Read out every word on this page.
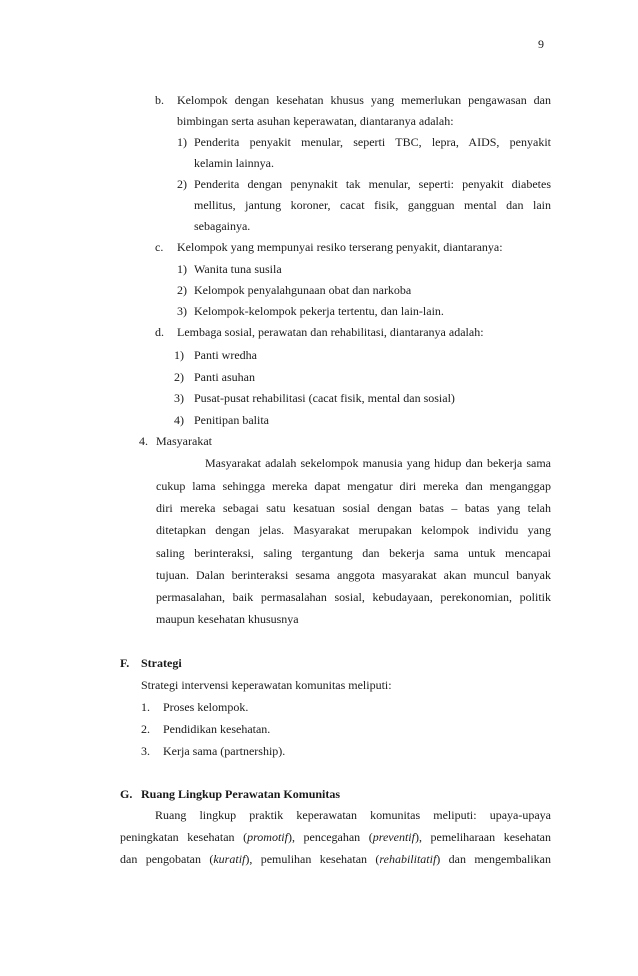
9
b. Kelompok dengan kesehatan khusus yang memerlukan pengawasan dan
bimbingan serta asuhan keperawatan, diantaranya adalah:
1) Penderita penyakit menular, seperti TBC, lepra, AIDS, penyakit
kelamin lainnya.
2) Penderita dengan penynakit tak menular, seperti: penyakit diabetes
mellitus, jantung koroner, cacat fisik, gangguan mental dan lain
sebagainya.
c. Kelompok yang mempunyai resiko terserang penyakit, diantaranya:
1) Wanita tuna susila
2) Kelompok penyalahgunaan obat dan narkoba
3) Kelompok-kelompok pekerja tertentu, dan lain-lain.
d. Lembaga sosial, perawatan dan rehabilitasi, diantaranya adalah:
1) Panti wredha
2) Panti asuhan
3) Pusat-pusat rehabilitasi (cacat fisik, mental dan sosial)
4) Penitipan balita
4. Masyarakat
Masyarakat adalah sekelompok manusia yang hidup dan bekerja sama
cukup lama sehingga mereka dapat mengatur diri mereka dan menganggap
diri mereka sebagai satu kesatuan sosial dengan batas – batas yang telah
ditetapkan dengan jelas. Masyarakat merupakan kelompok individu yang
saling berinteraksi, saling tergantung dan bekerja sama untuk mencapai
tujuan. Dalan berinteraksi sesama anggota masyarakat akan muncul banyak
permasalahan, baik permasalahan sosial, kebudayaan, perekonomian, politik
maupun kesehatan khususnya
F. Strategi
Strategi intervensi keperawatan komunitas meliputi:
1. Proses kelompok.
2. Pendidikan kesehatan.
3. Kerja sama (partnership).
G. Ruang Lingkup Perawatan Komunitas
Ruang lingkup praktik keperawatan komunitas meliputi: upaya-upaya
peningkatan kesehatan (promotif), pencegahan (preventif), pemeliharaan kesehatan
dan pengobatan (kuratif), pemulihan kesehatan (rehabilitatif) dan mengembalikan
